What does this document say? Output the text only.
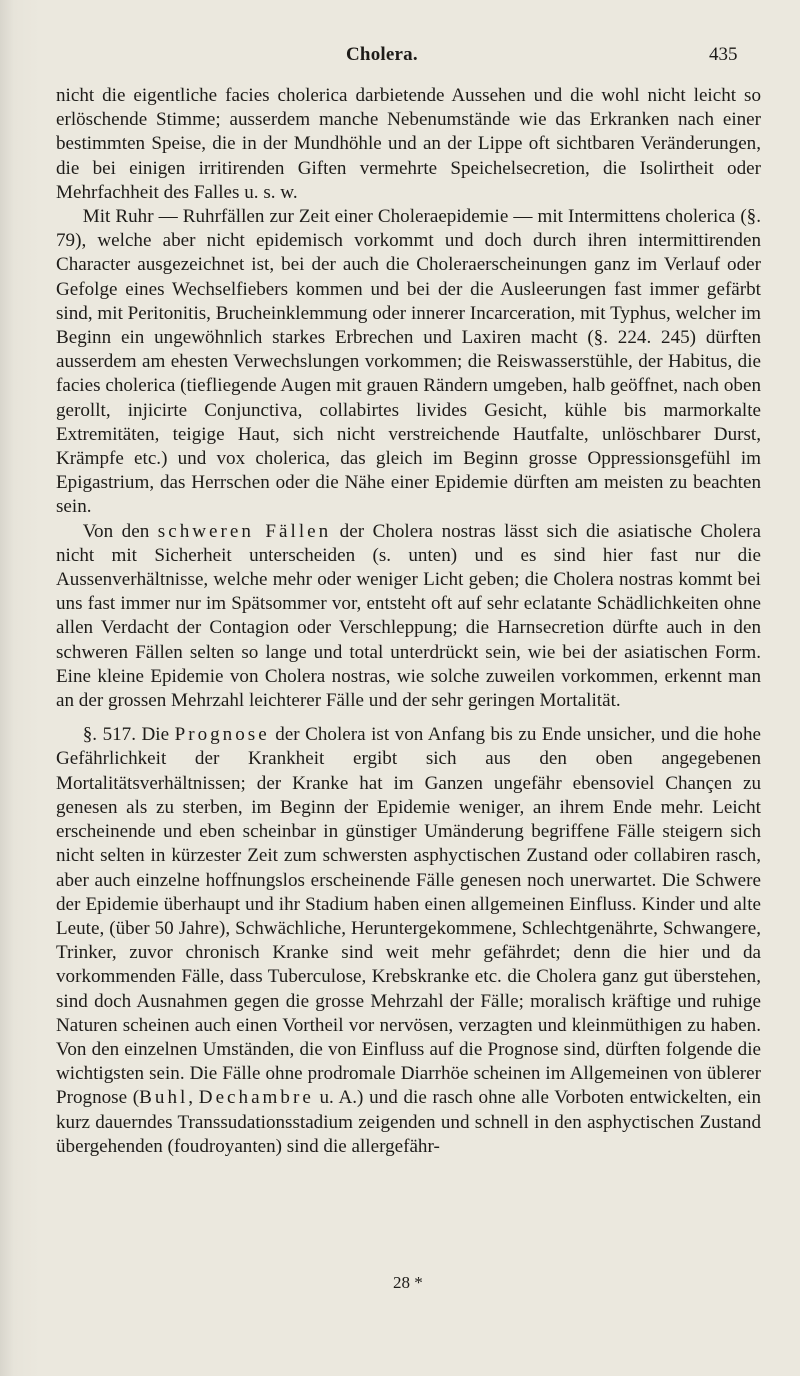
Cholera.	435

nicht die eigentliche facies cholerica darbietende Aussehen und die wohl nicht leicht so erlöschende Stimme; ausserdem manche Nebenumstände wie das Erkranken nach einer bestimmten Speise, die in der Mundhöhle und an der Lippe oft sichtbaren Veränderungen, die bei einigen irritirenden Giften vermehrte Speichelsecretion, die Isolirtheit oder Mehrfachheit des Falles u. s. w.

Mit Ruhr — Ruhrfällen zur Zeit einer Choleraepidemie — mit Intermittens cholerica (§. 79), welche aber nicht epidemisch vorkommt und doch durch ihren intermittirenden Character ausgezeichnet ist, bei der auch die Choleraerscheinungen ganz im Verlauf oder Gefolge eines Wechselfiebers kommen und bei der die Ausleerungen fast immer gefärbt sind, mit Peritonitis, Brucheinklemmung oder innerer Incarceration, mit Typhus, welcher im Beginn ein ungewöhnlich starkes Erbrechen und Laxiren macht (§. 224. 245) dürften ausserdem am ehesten Verwechslungen vorkommen; die Reiswasserstühle, der Habitus, die facies cholerica (tiefliegende Augen mit grauen Rändern umgeben, halb geöffnet, nach oben gerollt, injicirte Conjunctiva, collabirtes livides Gesicht, kühle bis marmorkalte Extremitäten, teigige Haut, sich nicht verstreichende Hautfalte, unlöschbarer Durst, Krämpfe etc.) und vox cholerica, das gleich im Beginn grosse Oppressionsgefühl im Epigastrium, das Herrschen oder die Nähe einer Epidemie dürften am meisten zu beachten sein.

Von den schweren Fällen der Cholera nostras lässt sich die asiatische Cholera nicht mit Sicherheit unterscheiden (s. unten) und es sind hier fast nur die Aussenverhältnisse, welche mehr oder weniger Licht geben; die Cholera nostras kommt bei uns fast immer nur im Spätsommer vor, entsteht oft auf sehr eclatante Schädlichkeiten ohne allen Verdacht der Contagion oder Verschleppung; die Harnsecretion dürfte auch in den schweren Fällen selten so lange und total unterdrückt sein, wie bei der asiatischen Form. Eine kleine Epidemie von Cholera nostras, wie solche zuweilen vorkommen, erkennt man an der grossen Mehrzahl leichterer Fälle und der sehr geringen Mortalität.

§. 517. Die Prognose der Cholera ist von Anfang bis zu Ende unsicher, und die hohe Gefährlichkeit der Krankheit ergibt sich aus den oben angegebenen Mortalitätsverhältnissen; der Kranke hat im Ganzen ungefähr ebensoviel Chançen zu genesen als zu sterben, im Beginn der Epidemie weniger, an ihrem Ende mehr. Leicht erscheinende und eben scheinbar in günstiger Umänderung begriffene Fälle steigern sich nicht selten in kürzester Zeit zum schwersten asphyctischen Zustand oder collabiren rasch, aber auch einzelne hoffnungslos erscheinende Fälle genesen noch unerwartet. Die Schwere der Epidemie überhaupt und ihr Stadium haben einen allgemeinen Einfluss. Kinder und alte Leute, (über 50 Jahre), Schwächliche, Heruntergekommene, Schlechtgenährte, Schwangere, Trinker, zuvor chronisch Kranke sind weit mehr gefährdet; denn die hier und da vorkommenden Fälle, dass Tuberculose, Krebskranke etc. die Cholera ganz gut überstehen, sind doch Ausnahmen gegen die grosse Mehrzahl der Fälle; moralisch kräftige und ruhige Naturen scheinen auch einen Vortheil vor nervösen, verzagten und kleinmüthigen zu haben. Von den einzelnen Umständen, die von Einfluss auf die Prognose sind, dürften folgende die wichtigsten sein. Die Fälle ohne prodromale Diarrhöe scheinen im Allgemeinen von üblerer Prognose (Buhl, Dechambre u. A.) und die rasch ohne alle Vorboten entwickelten, ein kurz dauerndes Transsudationsstadium zeigenden und schnell in den asphyctischen Zustand übergehenden (foudroyanten) sind die allergefähr-

28 *
